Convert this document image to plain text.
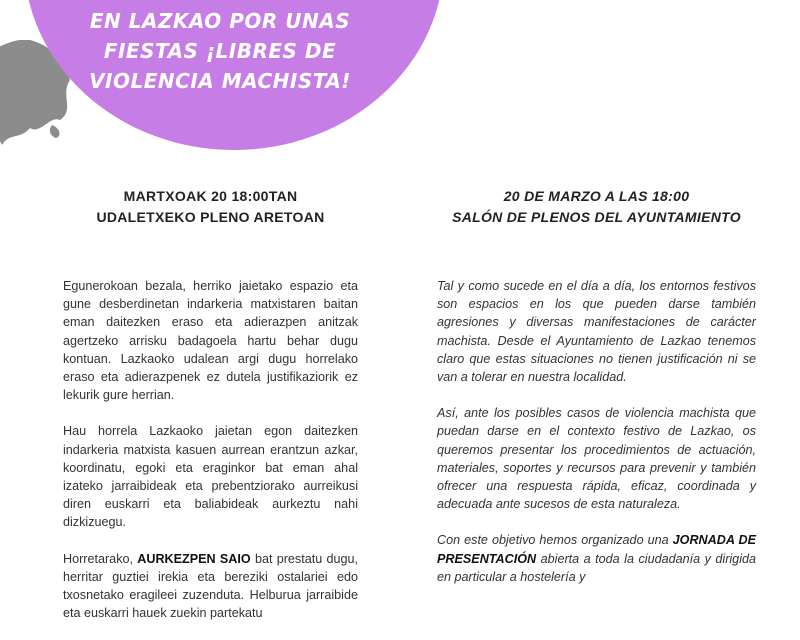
EN LAZKAO POR UNAS
FIESTAS ¡LIBRES DE
VIOLENCIA MACHISTA!
MARTXOAK 20 18:00TAN
UDALETXEKO PLENO ARETOAN

Egunerokoan bezala, herriko jaietako espazio eta gune desberdinetan indarkeria matxistaren baitan eman daitezken eraso eta adierazpen anitzak agertzeko arrisku badagoela hartu behar dugu kontuan. Lazkaoko udalean argi dugu horrelako eraso eta adierazpenek ez dutela justifikaziorik ez lekurik gure herrian.

Hau horrela Lazkaoko jaietan egon daitezken indarkeria matxista kasuen aurrean erantzun azkar, koordinatu, egoki eta eraginkor bat eman ahal izateko jarraibideak eta prebentziorako aurreikusi diren euskarri eta baliabideak aurkeztu nahi dizkizuegu.

Horretarako, AURKEZPEN SAIO bat prestatu dugu, herritar guztiei irekia eta bereziki ostalariei edo txosnetako eragileei zuzenduta. Helburua jarraibide eta euskarri hauek zuekin partekatu

20 DE MARZO A LAS 18:00
SALÓN DE PLENOS DEL AYUNTAMIENTO

Tal y como sucede en el día a día, los entornos festivos son espacios en los que pueden darse también agresiones y diversas manifestaciones de carácter machista. Desde el Ayuntamiento de Lazkao tenemos claro que estas situaciones no tienen justificación ni se van a tolerar en nuestra localidad.

Así, ante los posibles casos de violencia machista que puedan darse en el contexto festivo de Lazkao, os queremos presentar los procedimientos de actuación, materiales, soportes y recursos para prevenir y también ofrecer una respuesta rápida, eficaz, coordinada y adecuada ante sucesos de esta naturaleza.

Con este objetivo hemos organizado una JORNADA DE PRESENTACIÓN abierta a toda la ciudadanía y dirigida en particular a hostelería y
